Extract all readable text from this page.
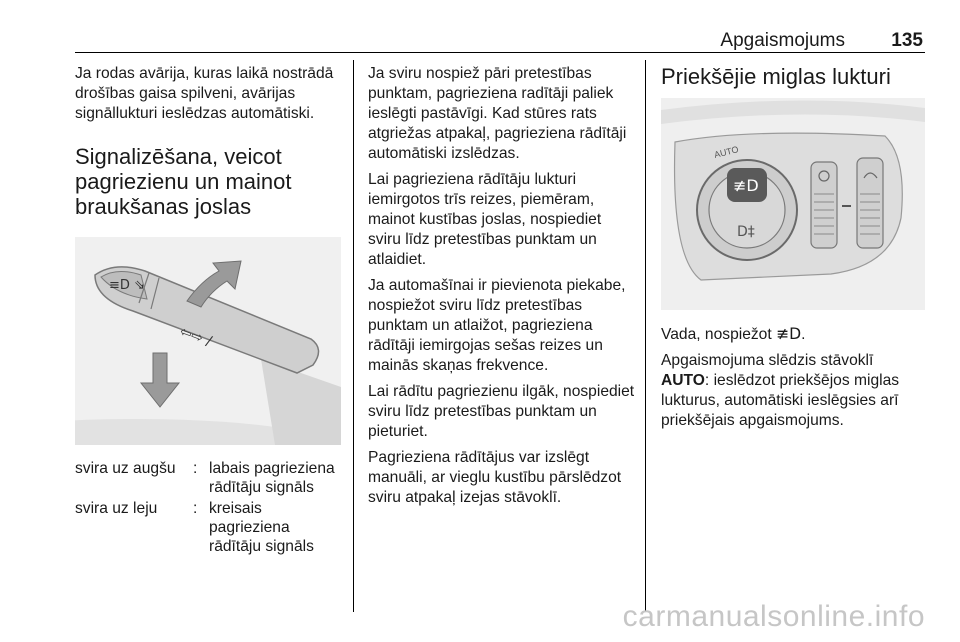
Apgaismojums 135

Ja rodas avārija, kuras laikā nostrādā drošības gaisa spilveni, avārijas signāllukturi ieslēdzas automātiski.

Signalizēšana, veicot pagriezienu un mainot braukšanas joslas
≡D ⇘
⇦⇨ /
svira uz augšu	: labais pagrieziena rādītāju signāls
svira uz leju	: kreisais pagrieziena rādītāju signāls

Ja sviru nospiež pāri pretestības punktam, pagrieziena radītāji paliek ieslēgti pastāvīgi. Kad stūres rats atgriežas atpakaļ, pagrieziena rādītāji automātiski izslēdzas.

Lai pagrieziena rādītāju lukturi iemirgotos trīs reizes, piemēram, mainot kustības joslas, nospiediet sviru līdz pretestības punktam un atlaidiet.

Ja automašīnai ir pievienota piekabe, nospiežot sviru līdz pretestības punktam un atlaižot, pagrieziena rādītāji iemirgojas sešas reizes un mainās skaņas frekvence.

Lai rādītu pagriezienu ilgāk, nospiediet sviru līdz pretestības punktam un pieturiet.

Pagrieziena rādītājus var izslēgt manuāli, ar vieglu kustību pārslēdzot sviru atpakaļ izejas stāvoklī.

Priekšējie miglas lukturi
≢D
D‡
AUTO

Vada, nospiežot ≢D.

Apgaismojuma slēdzis stāvoklī
AUTO: ieslēdzot priekšējos miglas lukturus, automātiski ieslēgsies arī priekšējais apgaismojums.

carmanualsonline.info
